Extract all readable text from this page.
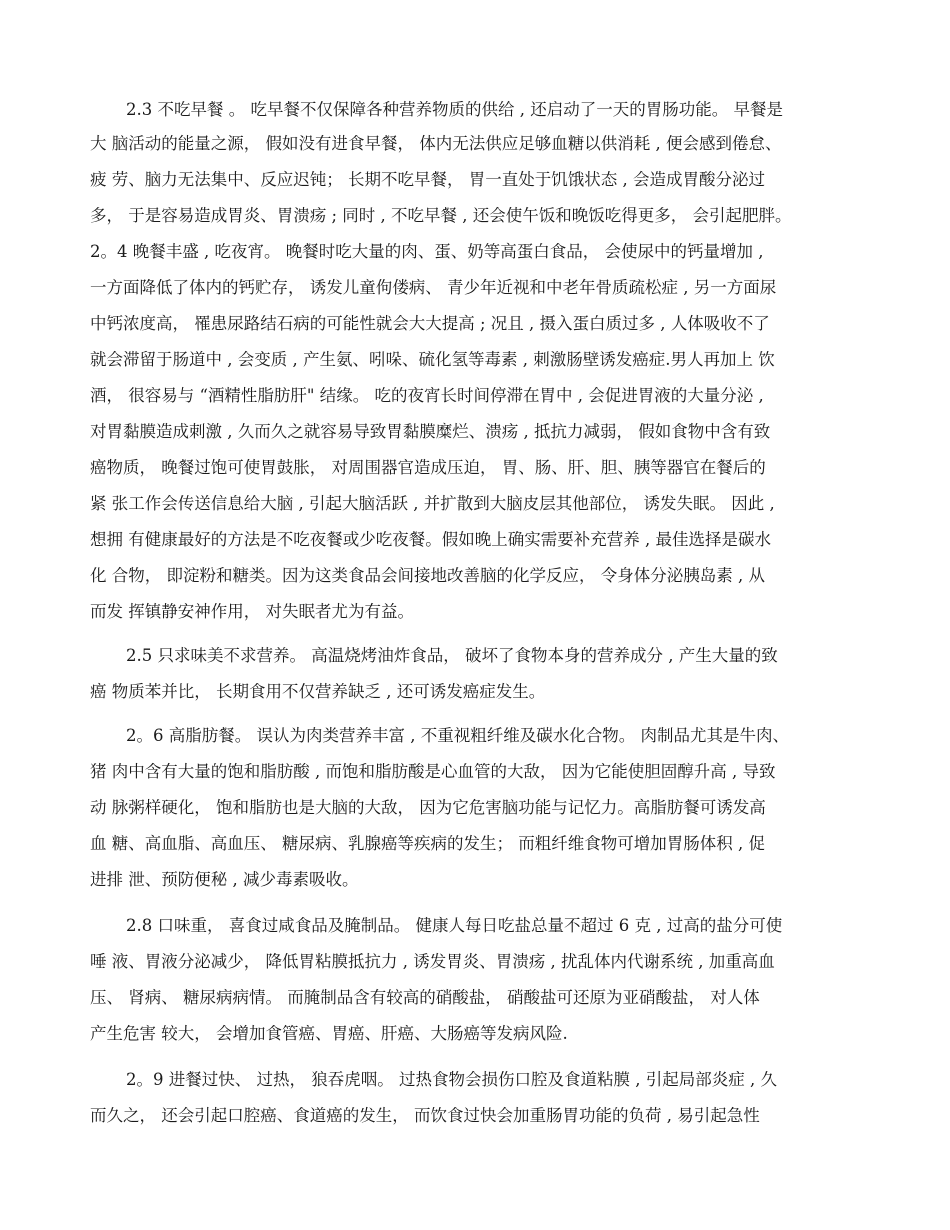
2.3 不吃早餐 。 吃早餐不仅保障各种营养物质的供给 , 还启动了一天的胃肠功能。 早餐是
大 脑活动的能量之源， 假如没有进食早餐， 体内无法供应足够血糖以供消耗 , 便会感到倦怠、
疲 劳、脑力无法集中、反应迟钝； 长期不吃早餐， 胃一直处于饥饿状态 , 会造成胃酸分泌过
多， 于是容易造成胃炎、胃溃疡 ; 同时 , 不吃早餐 , 还会使午饭和晚饭吃得更多， 会引起肥胖。
2。4 晚餐丰盛 , 吃夜宵。 晚餐时吃大量的肉、蛋、奶等高蛋白食品， 会使尿中的钙量增加 ,
一方面降低了体内的钙贮存， 诱发儿童佝偻病、 青少年近视和中老年骨质疏松症 , 另一方面尿
中钙浓度高， 罹患尿路结石病的可能性就会大大提高 ; 况且 , 摄入蛋白质过多 , 人体吸收不了
就会滞留于肠道中 , 会变质 , 产生氨、吲哚、硫化氢等毒素 , 刺激肠壁诱发癌症.男人再加上 饮
酒， 很容易与 “酒精性脂肪肝" 结缘。 吃的夜宵长时间停滞在胃中 , 会促进胃液的大量分泌 ,
对胃黏膜造成刺激 , 久而久之就容易导致胃黏膜糜烂、溃疡 , 抵抗力减弱， 假如食物中含有致
癌物质， 晚餐过饱可使胃鼓胀， 对周围器官造成压迫， 胃、肠、肝、胆、胰等器官在餐后的
紧 张工作会传送信息给大脑 , 引起大脑活跃 , 并扩散到大脑皮层其他部位， 诱发失眠。 因此 ,
想拥 有健康最好的方法是不吃夜餐或少吃夜餐。假如晚上确实需要补充营养 , 最佳选择是碳水
化 合物， 即淀粉和糖类。因为这类食品会间接地改善脑的化学反应， 令身体分泌胰岛素 , 从
而发 挥镇静安神作用， 对失眠者尤为有益。
2.5 只求味美不求营养。 高温烧烤油炸食品， 破坏了食物本身的营养成分 , 产生大量的致
癌 物质苯并比， 长期食用不仅营养缺乏 , 还可诱发癌症发生。
2。6 高脂肪餐。 误认为肉类营养丰富 , 不重视粗纤维及碳水化合物。 肉制品尤其是牛肉、
猪 肉中含有大量的饱和脂肪酸 , 而饱和脂肪酸是心血管的大敌， 因为它能使胆固醇升高 , 导致
动 脉粥样硬化， 饱和脂肪也是大脑的大敌， 因为它危害脑功能与记忆力。高脂肪餐可诱发高
血 糖、高血脂、高血压、 糖尿病、乳腺癌等疾病的发生； 而粗纤维食物可增加胃肠体积 , 促
进排 泄、预防便秘 , 减少毒素吸收。
2.8 口味重， 喜食过咸食品及腌制品。 健康人每日吃盐总量不超过 6 克 , 过高的盐分可使
唾 液、胃液分泌减少， 降低胃粘膜抵抗力 , 诱发胃炎、胃溃疡 , 扰乱体内代谢系统 , 加重高血
压、 肾病、 糖尿病病情。 而腌制品含有较高的硝酸盐， 硝酸盐可还原为亚硝酸盐， 对人体
产生危害 较大， 会增加食管癌、胃癌、肝癌、大肠癌等发病风险.
2。9 进餐过快、 过热， 狼吞虎咽。 过热食物会损伤口腔及食道粘膜 , 引起局部炎症 , 久
而久之， 还会引起口腔癌、食道癌的发生， 而饮食过快会加重肠胃功能的负荷 , 易引起急性
